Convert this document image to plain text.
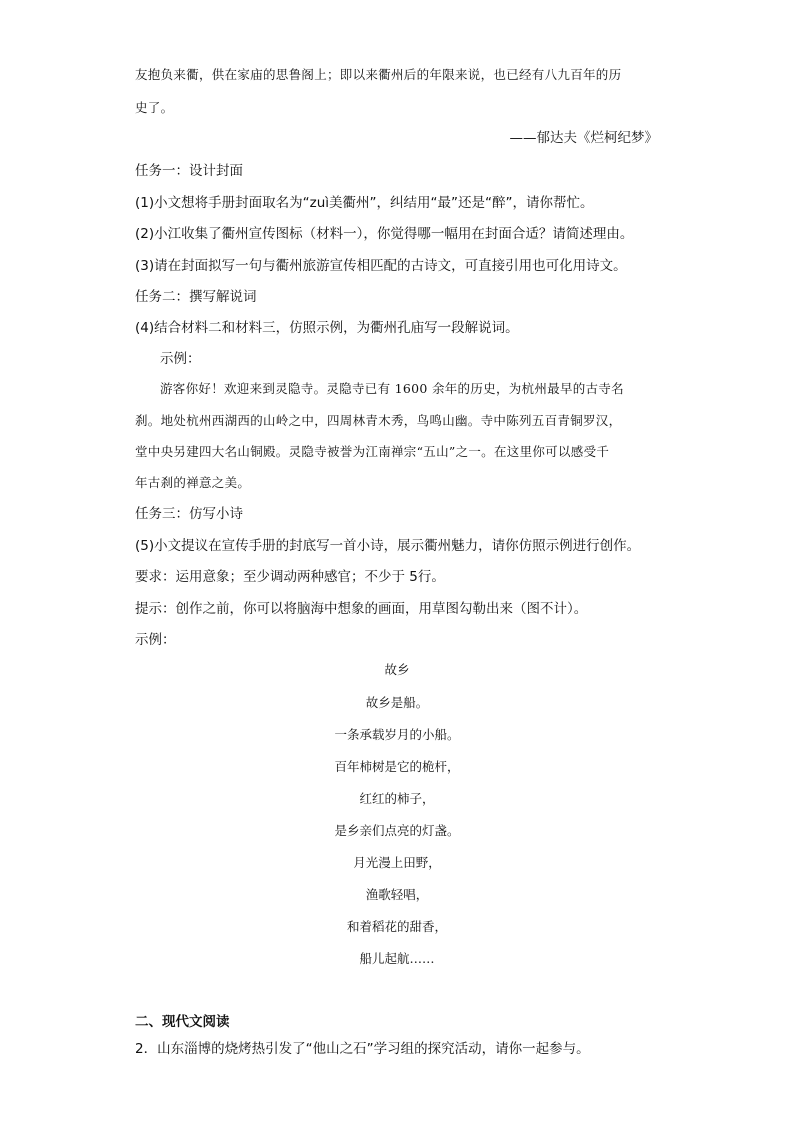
友抱负来衢，供在家庙的思鲁阁上；即以来衢州后的年限来说，也已经有八九百年的历
史了。
——郁达夫《烂柯纪梦》
任务一：设计封面
(1)小文想将手册封面取名为“zuì美衢州”，纠结用“最”还是“醉”，请你帮忙。
(2)小江收集了衢州宣传图标（材料一），你觉得哪一幅用在封面合适？请简述理由。
(3)请在封面拟写一句与衢州旅游宣传相匹配的古诗文，可直接引用也可化用诗文。
任务二：撰写解说词
(4)结合材料二和材料三，仿照示例，为衢州孔庙写一段解说词。
示例：
游客你好！欢迎来到灵隐寺。灵隐寺已有 1600 余年的历史，为杭州最早的古寺名
刹。地处杭州西湖西的山岭之中，四周林青木秀，鸟鸣山幽。寺中陈列五百青铜罗汉，
堂中央另建四大名山铜殿。灵隐寺被誉为江南禅宗“五山”之一。在这里你可以感受千
年古刹的禅意之美。
任务三：仿写小诗
(5)小文提议在宣传手册的封底写一首小诗，展示衢州魅力，请你仿照示例进行创作。
要求：运用意象；至少调动两种感官；不少于 5行。
提示：创作之前，你可以将脑海中想象的画面，用草图勾勒出来（图不计）。
示例：
故乡
故乡是船。
一条承载岁月的小船。
百年柿树是它的桅杆，
红红的柿子，
是乡亲们点亮的灯盏。
月光漫上田野，
渔歌轻唱，
和着稻花的甜香，
船儿起航……
二、现代文阅读
2．山东淄博的烧烤热引发了“他山之石”学习组的探究活动，请你一起参与。
